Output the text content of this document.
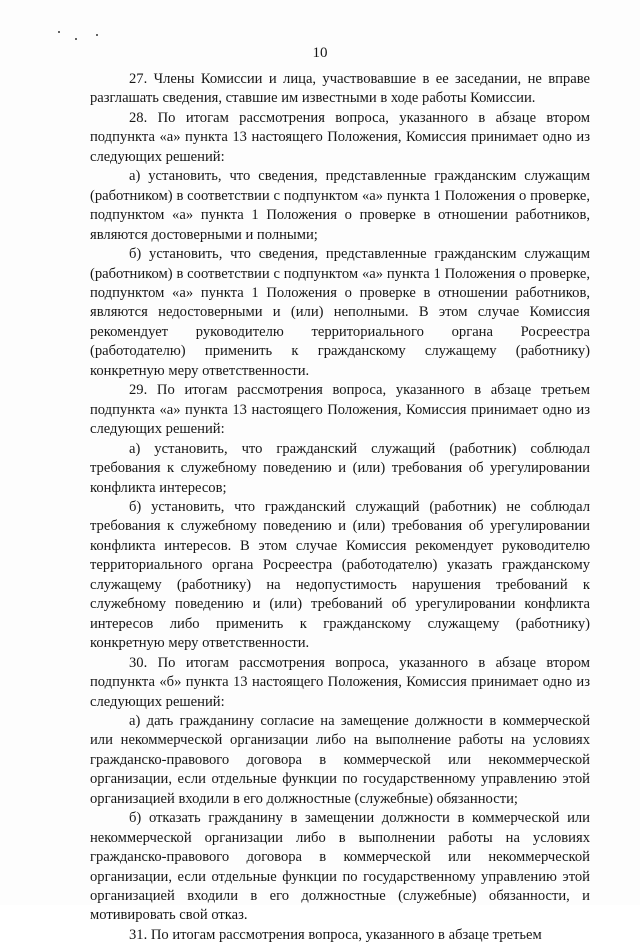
10

27. Члены Комиссии и лица, участвовавшие в ее заседании, не вправе разглашать сведения, ставшие им известными в ходе работы Комиссии.

28. По итогам рассмотрения вопроса, указанного в абзаце втором подпункта «а» пункта 13 настоящего Положения, Комиссия принимает одно из следующих решений:

а) установить, что сведения, представленные гражданским служащим (работником) в соответствии с подпунктом «а» пункта 1 Положения о проверке, подпунктом «а» пункта 1 Положения о проверке в отношении работников, являются достоверными и полными;

б) установить, что сведения, представленные гражданским служащим (работником) в соответствии с подпунктом «а» пункта 1 Положения о проверке, подпунктом «а» пункта 1 Положения о проверке в отношении работников, являются недостоверными и (или) неполными. В этом случае Комиссия рекомендует руководителю территориального органа Росреестра (работодателю) применить к гражданскому служащему (работнику) конкретную меру ответственности.

29. По итогам рассмотрения вопроса, указанного в абзаце третьем подпункта «а» пункта 13 настоящего Положения, Комиссия принимает одно из следующих решений:

а) установить, что гражданский служащий (работник) соблюдал требования к служебному поведению и (или) требования об урегулировании конфликта интересов;

б) установить, что гражданский служащий (работник) не соблюдал требования к служебному поведению и (или) требования об урегулировании конфликта интересов. В этом случае Комиссия рекомендует руководителю территориального органа Росреестра (работодателю) указать гражданскому служащему (работнику) на недопустимость нарушения требований к служебному поведению и (или) требований об урегулировании конфликта интересов либо применить к гражданскому служащему (работнику) конкретную меру ответственности.

30. По итогам рассмотрения вопроса, указанного в абзаце втором подпункта «б» пункта 13 настоящего Положения, Комиссия принимает одно из следующих решений:

а) дать гражданину согласие на замещение должности в коммерческой или некоммерческой организации либо на выполнение работы на условиях гражданско-правового договора в коммерческой или некоммерческой организации, если отдельные функции по государственному управлению этой организацией входили в его должностные (служебные) обязанности;

б) отказать гражданину в замещении должности в коммерческой или некоммерческой организации либо в выполнении работы на условиях гражданско-правового договора в коммерческой или некоммерческой организации, если отдельные функции по государственному управлению этой организацией входили в его должностные (служебные) обязанности, и мотивировать свой отказ.

31. По итогам рассмотрения вопроса, указанного в абзаце третьем
